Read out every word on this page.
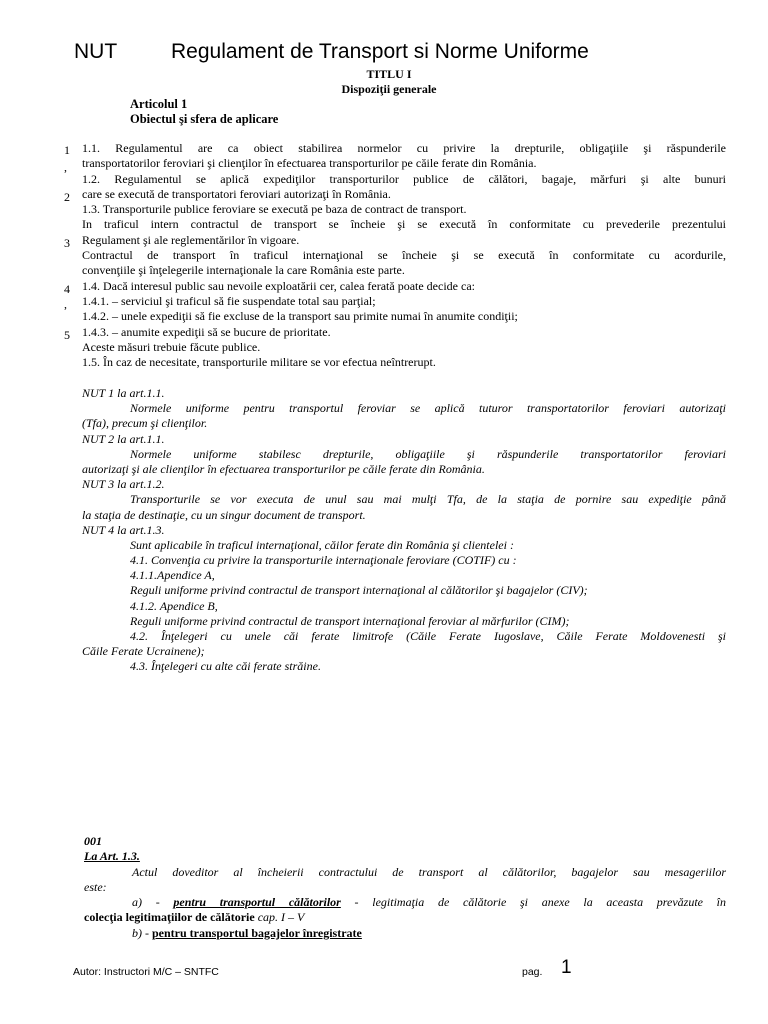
NUT	Regulament de Transport si Norme Uniforme
TITLU I
Dispoziţii generale
Articolul 1
Obiectul şi sfera de aplicare
1
,
2
3
4
,
5
1.1. Regulamentul are ca obiect stabilirea normelor cu privire la drepturile, obligaţiile şi răspunderile
transportatorilor feroviari şi clienţilor în efectuarea transporturilor pe căile ferate din România.
1.2. Regulamentul se aplică expediţilor transporturilor publice de călători, bagaje, mărfuri şi alte bunuri
care se execută de transportatori feroviari autorizaţi în România.
1.3. Transporturile publice feroviare se execută pe baza de contract de transport.
In traficul intern contractul de transport se încheie şi se execută în conformitate cu prevederile prezentului
Regulament şi ale reglementărilor în vigoare.
Contractul de transport în traficul internaţional se încheie şi se execută în conformitate cu acordurile,
convenţiile şi înţelegerile internaţionale la care România este parte.
1.4. Dacă interesul public sau nevoile exploatării cer, calea ferată poate decide ca:
1.4.1. – serviciul şi traficul să fie suspendate total sau parţial;
1.4.2. – unele expediţii să fie excluse de la transport sau primite numai în anumite condiţii;
1.4.3. – anumite expediţii să se bucure de prioritate.
Aceste măsuri trebuie făcute publice.
1.5. În caz de necesitate, transporturile militare se vor efectua neîntrerupt.
NUT 1 la art.1.1.
Normele uniforme pentru transportul feroviar se aplică tuturor transportatorilor feroviari autorizaţi
(Tfa), precum şi clienţilor.
NUT 2 la art.1.1.
Normele uniforme stabilesc drepturile, obligaţiile şi răspunderile transportatorilor feroviari
autorizaţi şi ale clienţilor în efectuarea transporturilor pe căile ferate din România.
NUT 3 la art.1.2.
Transporturile se vor executa de unul sau mai mulţi Tfa, de la staţia de pornire sau expediţie până
la staţia de destinaţie, cu un singur document de transport.
NUT 4 la art.1.3.
Sunt aplicabile în traficul internaţional, căilor ferate din România şi clientelei :
4.1. Convenţia cu privire la transporturile internaţionale feroviare (COTIF) cu :
4.1.1.Apendice A,
Reguli uniforme privind contractul de transport internaţional al călătorilor şi bagajelor (CIV);
4.1.2. Apendice B,
Reguli uniforme privind contractul de transport internaţional feroviar al mărfurilor (CIM);
4.2. Înţelegeri cu unele căi ferate limitrofe (Căile Ferate Iugoslave, Căile Ferate Moldovenesti şi
Căile Ferate Ucrainene);
4.3. Înţelegeri cu alte căi ferate străine.
001
La Art. 1.3.
Actul doveditor al încheierii contractului de transport al călătorilor, bagajelor sau mesageriilor
este:
a) - pentru transportul călătorilor - legitimaţia de călătorie şi anexe la aceasta prevăzute în
colecţia legitimaţiilor de călătorie cap. I – V
b) - pentru transportul bagajelor înregistrate
Autor: Instructori M/C – SNTFC	pag. 1
